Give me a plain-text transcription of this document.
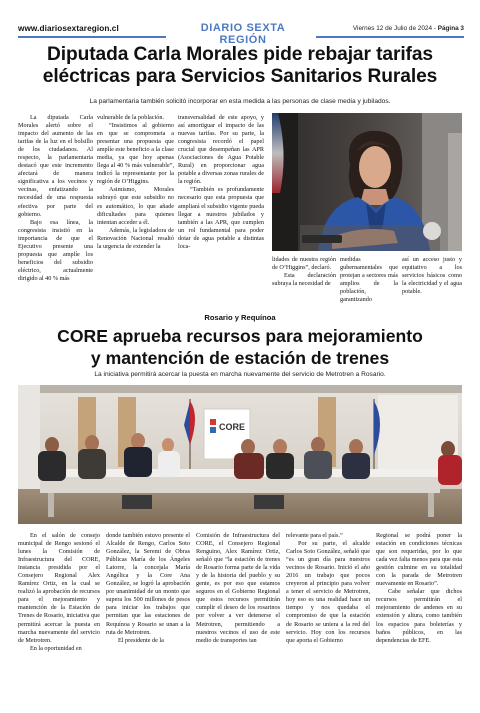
www.diariosextaregion.cl	DIARIO SEXTA REGIÓN
Viernes 12 de Julio de 2024 - Página 3
Diputada Carla Morales pide rebajar tarifas
eléctricas para Servicios Sanitarios Rurales
La parlamentaria también solicitó incorporar en esta medida a las personas de clase media y jubilados.

La diputada Carla Morales alertó sobre el impacto del aumento de las tarifas de la luz en el bolsillo de los ciudadanos. Al respecto, la parlamentaria destacó que este incremento afectará de manera significativa a los vecinos y vecinas, enfatizando la necesidad de una respuesta efectiva por parte del gobierno.

Bajo esa línea, la congresista insistió en la importancia de que el Ejecutivo presente una propuesta que amplíe los beneficios del subsidio eléctrico, actualmente dirigido al 40 % más

vulnerable de la población.

“Insistimos al gobierno en que se comprometa a presentar una propuesta que amplíe este beneficio a la clase media, ya que hoy apenas llega al 40 % más vulnerable”, indicó la representante por la región de O’Higgins.

Asimismo, Morales subrayó que este subsidio no es automático, lo que añade dificultades para quienes intentan acceder a él.

Además, la legisladora de Renovación Nacional resaltó la urgencia de extender la

transversalidad de este apoyo, y así amortiguar el impacto de las nuevas tarifas. Por su parte, la congresista recordó el papel crucial que desempeñan las APR (Asociaciones de Agua Potable Rural) en proporcionar agua potable a diversas zonas rurales de la región.

“También es profundamente necesario que esta propuesta que ampliará el subsidio vigente pueda llegar a nuestros jubilados y también a las APR, que cumplen un rol fundamental para poder dotar de agua potable a distintas loca-

lidades de nuestra región de O’Higgins”, declaró.

Esta declaración subraya la necesidad de

medidas gubernamentales que protejan a sectores más amplios de la población, garantizando

así un acceso justo y equitativo a los servicios básicos como la electricidad y el agua potable.

Rosario y Requínoa
CORE aprueba recursos para mejoramiento
y mantención de estación de trenes
La iniciativa permitirá acercar la puesta en marcha nuevamente del servicio de Metrotren a Rosario.
CORE

En el salón de consejo municipal de Rengo sesionó el lunes la Comisión de Infraestructura del CORE, instancia presidida por el Consejero Regional Alex Ramírez Ortiz, en la cual se realizó la aprobación de recursos para el mejoramiento y mantención de la Estación de Trenes de Rosario, iniciativa que permitirá acercar la puesta en marcha nuevamente del servicio de Metrotren.

En la oportunidad en

donde también estuvo presente el Alcalde de Rengo, Carlos Soto González, la Seremi de Obras Públicas María de los Ángeles Latorre, la concejala María Angélica y la Core Ana González, se logró la aprobación por unanimidad de un monto que supera los 500 millones de pesos para iniciar los trabajos que permitan que las estaciones de Requínoa y Rosario se unan a la ruta de Metrotren.

El presidente de la

Comisión de Infraestructura del CORE, el Consejero Regional Renguino, Alex Ramírez Ortiz, señaló que “la estación de trenes de Rosario forma parte de la vida y de la historia del pueblo y su gente, es por eso que estamos seguros en el Gobierno Regional que estos recursos permitirán cumplir el deseo de los rosarinos por volver a ver detenerse el Metrotren, permitiendo a nuestros vecinos el uso de este medio de transportes tan

relevante para el país.”

Por su parte, el alcalde Carlos Soto González, señaló que “es un gran día para nuestros vecinos de Rosario. Inició el año 2016 un trabajo que pocos creyeron al principio para volver a tener el servicio de Metrotren, hoy eso es una realidad hace un tiempo y nos quedaba el compromiso de que la estación de Rosario se uniera a la red del servicio. Hoy con los recursos que aporta el Gobierno

Regional se podrá poner la estación en condiciones técnicas que son requeridas, por lo que cada vez falta menos para que esta gestión culmine en su totalidad con la parada de Metrotren nuevamente en Rosario”.

Cabe señalar que dichos recursos permitirán el mejoramiento de andenes en su extensión y altura, como también los espacios para boleterías y baños públicos, en las dependencias de EFE.
